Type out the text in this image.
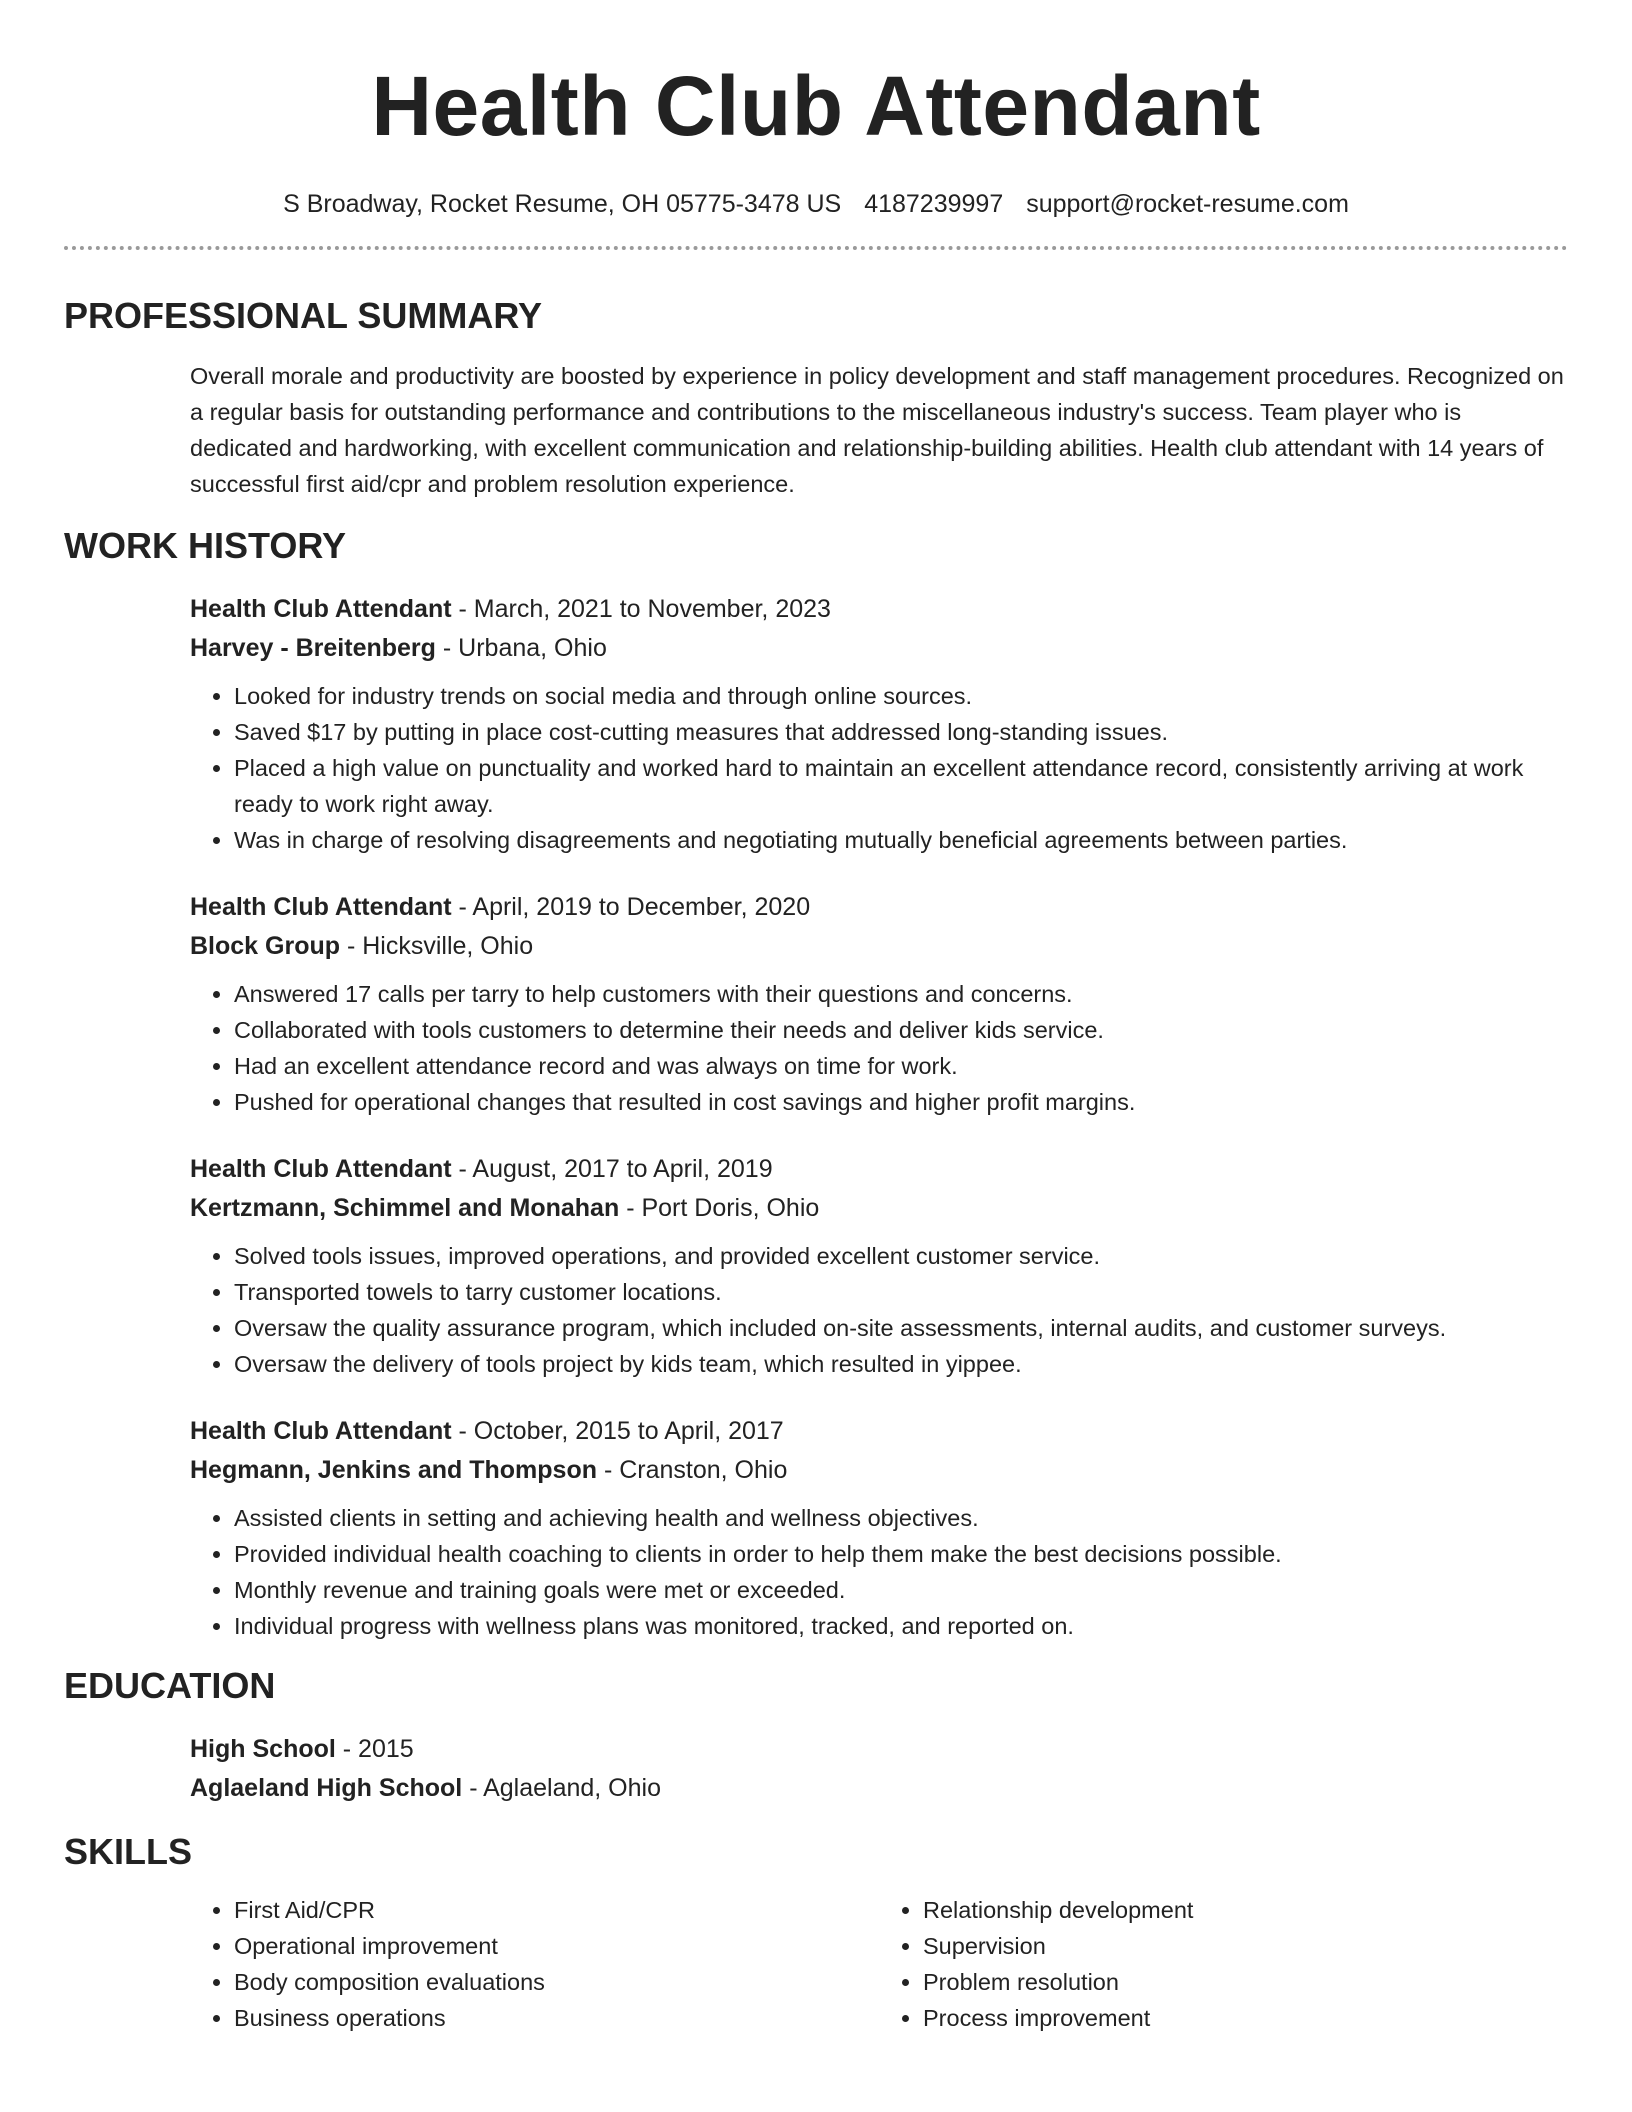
Health Club Attendant
S Broadway, Rocket Resume, OH 05775-3478 US 4187239997 support@rocket-resume.com
PROFESSIONAL SUMMARY
Overall morale and productivity are boosted by experience in policy development and staff management procedures. Recognized on a regular basis for outstanding performance and contributions to the miscellaneous industry's success. Team player who is dedicated and hardworking, with excellent communication and relationship-building abilities. Health club attendant with 14 years of successful first aid/cpr and problem resolution experience.
WORK HISTORY
Health Club Attendant - March, 2021 to November, 2023
Harvey - Breitenberg - Urbana, Ohio
• Looked for industry trends on social media and through online sources.
• Saved $17 by putting in place cost-cutting measures that addressed long-standing issues.
• Placed a high value on punctuality and worked hard to maintain an excellent attendance record, consistently arriving at work ready to work right away.
• Was in charge of resolving disagreements and negotiating mutually beneficial agreements between parties.
Health Club Attendant - April, 2019 to December, 2020
Block Group - Hicksville, Ohio
• Answered 17 calls per tarry to help customers with their questions and concerns.
• Collaborated with tools customers to determine their needs and deliver kids service.
• Had an excellent attendance record and was always on time for work.
• Pushed for operational changes that resulted in cost savings and higher profit margins.
Health Club Attendant - August, 2017 to April, 2019
Kertzmann, Schimmel and Monahan - Port Doris, Ohio
• Solved tools issues, improved operations, and provided excellent customer service.
• Transported towels to tarry customer locations.
• Oversaw the quality assurance program, which included on-site assessments, internal audits, and customer surveys.
• Oversaw the delivery of tools project by kids team, which resulted in yippee.
Health Club Attendant - October, 2015 to April, 2017
Hegmann, Jenkins and Thompson - Cranston, Ohio
• Assisted clients in setting and achieving health and wellness objectives.
• Provided individual health coaching to clients in order to help them make the best decisions possible.
• Monthly revenue and training goals were met or exceeded.
• Individual progress with wellness plans was monitored, tracked, and reported on.
EDUCATION
High School - 2015
Aglaeland High School - Aglaeland, Ohio
SKILLS
• First Aid/CPR
• Operational improvement
• Body composition evaluations
• Business operations
• Relationship development
• Supervision
• Problem resolution
• Process improvement
